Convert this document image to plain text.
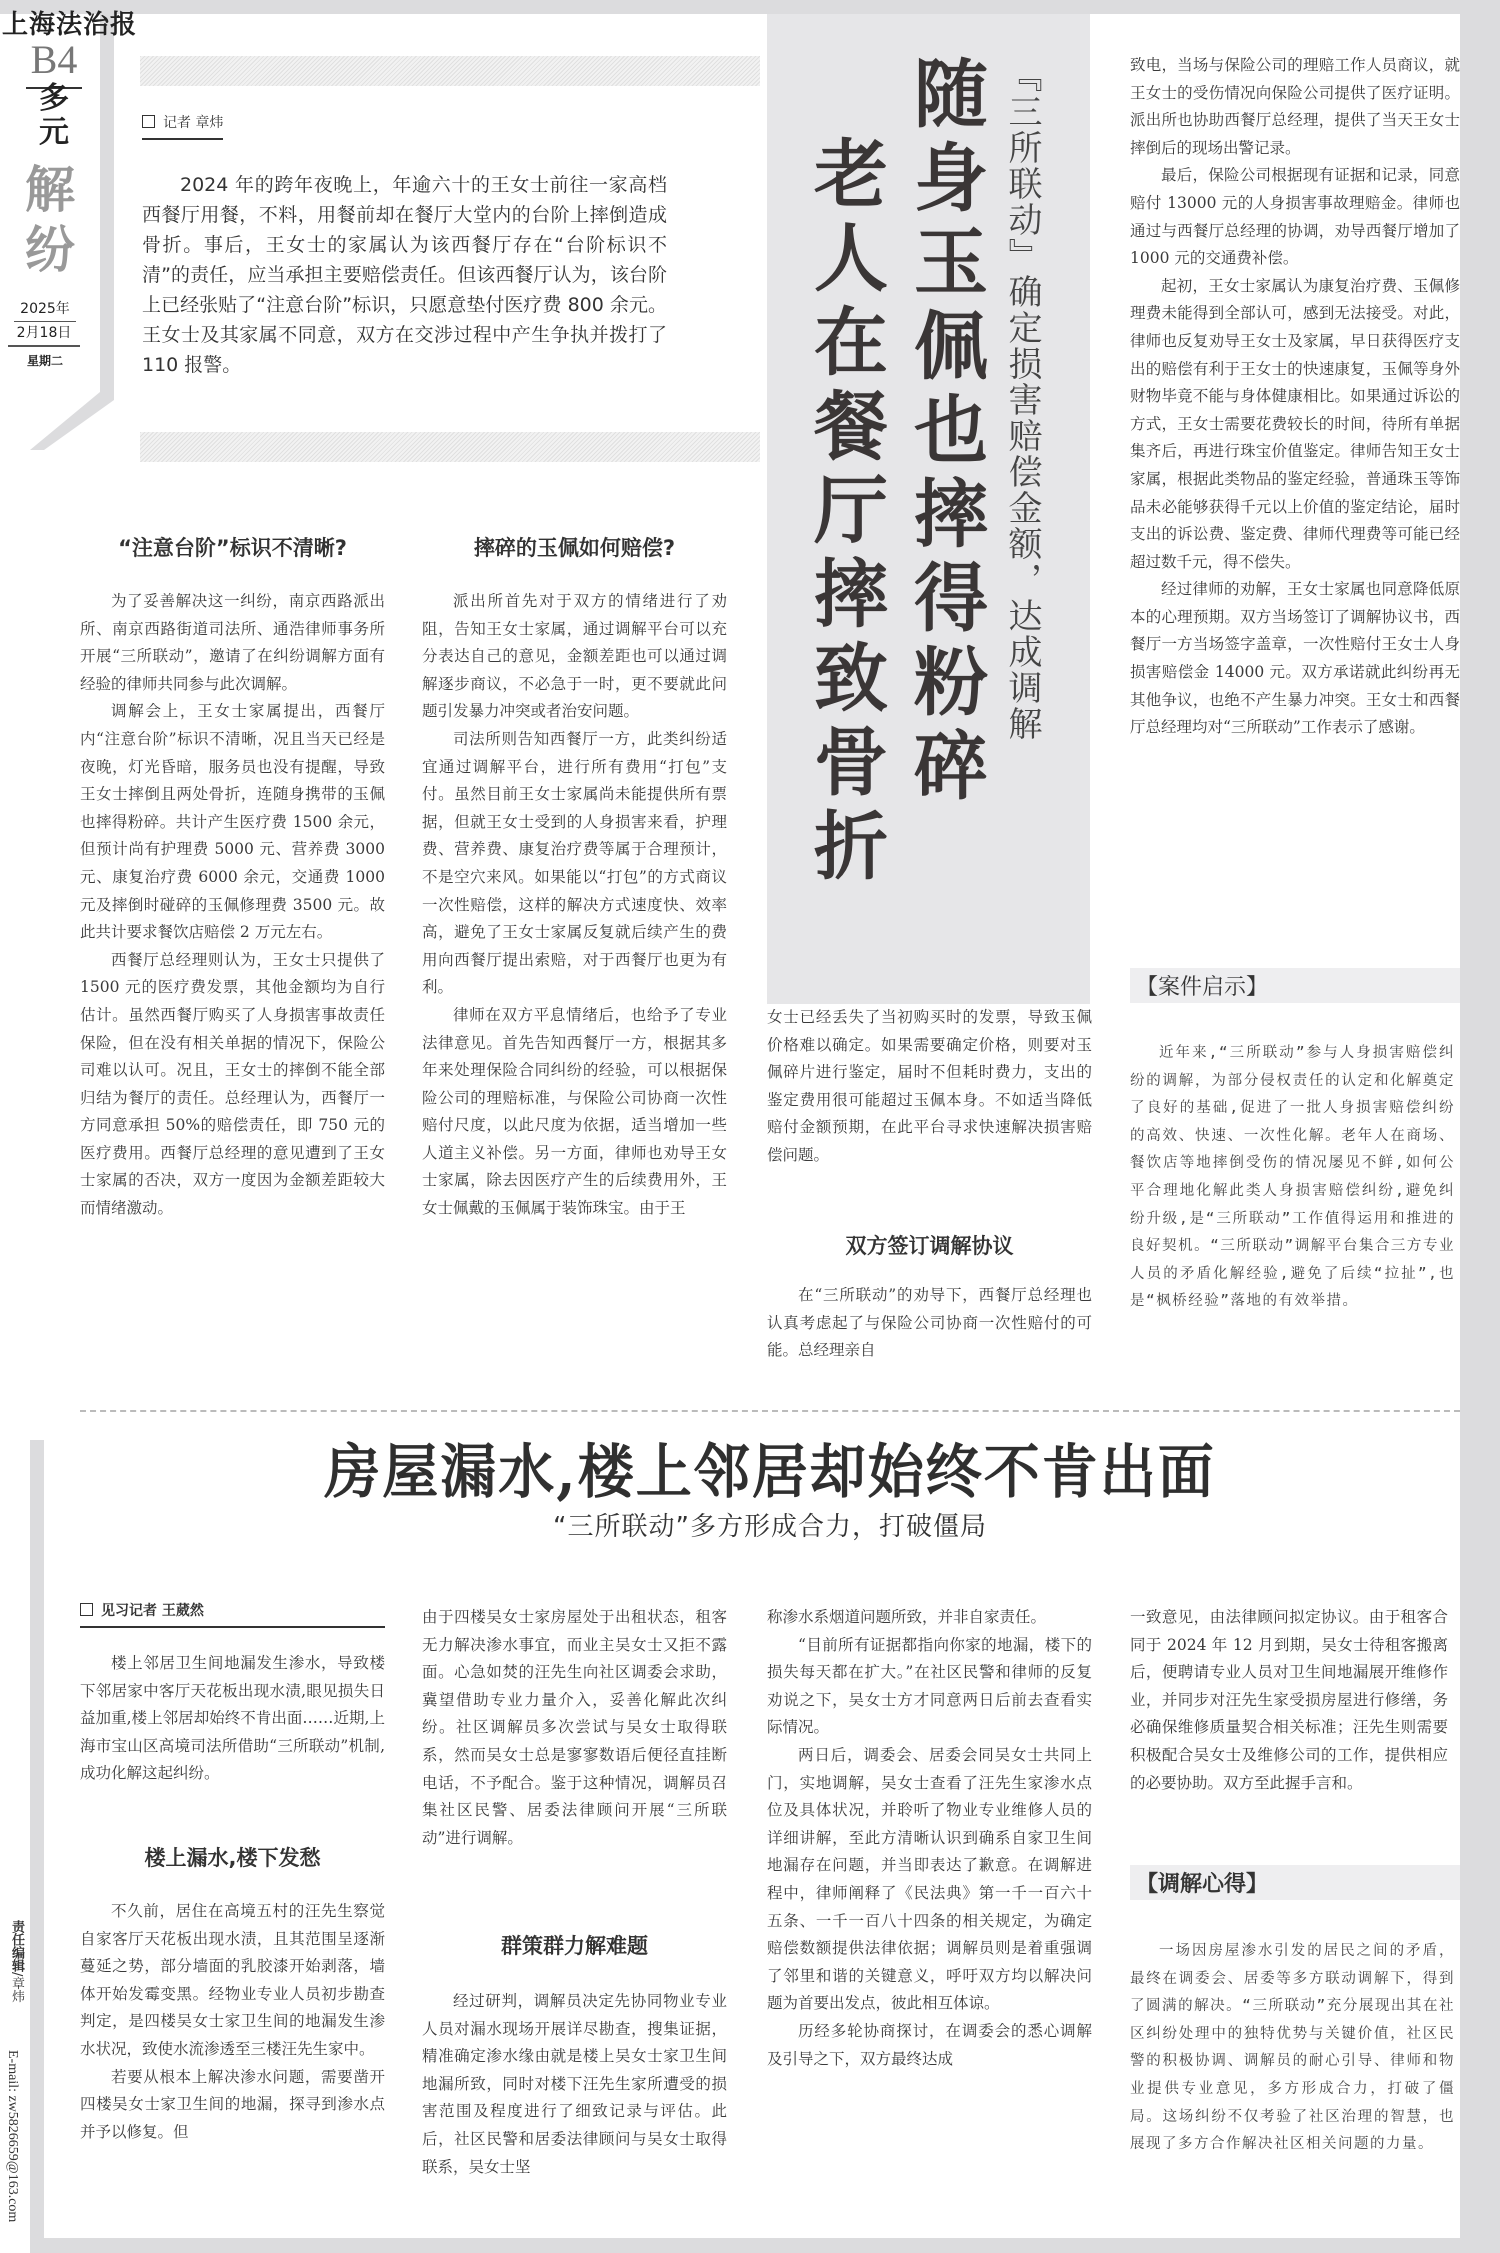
上海法治报
B4
多元
解纷
2025年
2月18日
星期二
记者 章炜
2024 年的跨年夜晚上，年逾六十的王女士前往一家高档西餐厅用餐，不料，用餐前却在餐厅大堂内的台阶上摔倒造成骨折。事后，王女士的家属认为该西餐厅存在“台阶标识不清”的责任，应当承担主要赔偿责任。但该西餐厅认为，该台阶上已经张贴了“注意台阶”标识，只愿意垫付医疗费 800 余元。王女士及其家属不同意，双方在交涉过程中产生争执并拨打了 110 报警。	『三所联动』确定损害赔偿金额，达成调解
随身玉佩也摔得粉碎
老人在餐厅摔致骨折
“注意台阶”标识不清晰?

为了妥善解决这一纠纷，南京西路派出所、南京西路街道司法所、通浩律师事务所开展“三所联动”，邀请了在纠纷调解方面有经验的律师共同参与此次调解。

调解会上，王女士家属提出，西餐厅内“注意台阶”标识不清晰，况且当天已经是夜晚，灯光昏暗，服务员也没有提醒，导致王女士摔倒且两处骨折，连随身携带的玉佩也摔得粉碎。共计产生医疗费 1500 余元，但预计尚有护理费 5000 元、营养费 3000 元、康复治疗费 6000 余元，交通费 1000 元及摔倒时碰碎的玉佩修理费 3500 元。故此共计要求餐饮店赔偿 2 万元左右。

西餐厅总经理则认为，王女士只提供了 1500 元的医疗费发票，其他金额均为自行估计。虽然西餐厅购买了人身损害事故责任保险，但在没有相关单据的情况下，保险公司难以认可。况且，王女士的摔倒不能全部归结为餐厅的责任。总经理认为，西餐厅一方同意承担 50%的赔偿责任，即 750 元的医疗费用。西餐厅总经理的意见遭到了王女士家属的否决，双方一度因为金额差距较大而情绪激动。

摔碎的玉佩如何赔偿?

派出所首先对于双方的情绪进行了劝阻，告知王女士家属，通过调解平台可以充分表达自己的意见，金额差距也可以通过调解逐步商议，不必急于一时，更不要就此问题引发暴力冲突或者治安问题。

司法所则告知西餐厅一方，此类纠纷适宜通过调解平台，进行所有费用“打包”支付。虽然目前王女士家属尚未能提供所有票据，但就王女士受到的人身损害来看，护理费、营养费、康复治疗费等属于合理预计，不是空穴来风。如果能以“打包”的方式商议一次性赔偿，这样的解决方式速度快、效率高，避免了王女士家属反复就后续产生的费用向西餐厅提出索赔，对于西餐厅也更为有利。

律师在双方平息情绪后，也给予了专业法律意见。首先告知西餐厅一方，根据其多年来处理保险合同纠纷的经验，可以根据保险公司的理赔标准，与保险公司协商一次性赔付尺度，以此尺度为依据，适当增加一些人道主义补偿。另一方面，律师也劝导王女士家属，除去因医疗产生的后续费用外，王女士佩戴的玉佩属于装饰珠宝。由于王

女士已经丢失了当初购买时的发票，导致玉佩价格难以确定。如果需要确定价格，则要对玉佩碎片进行鉴定，届时不但耗时费力，支出的鉴定费用很可能超过玉佩本身。不如适当降低赔付金额预期，在此平台寻求快速解决损害赔偿问题。

双方签订调解协议

在“三所联动”的劝导下，西餐厅总经理也认真考虑起了与保险公司协商一次性赔付的可能。总经理亲自

致电，当场与保险公司的理赔工作人员商议，就王女士的受伤情况向保险公司提供了医疗证明。派出所也协助西餐厅总经理，提供了当天王女士摔倒后的现场出警记录。

最后，保险公司根据现有证据和记录，同意赔付 13000 元的人身损害事故理赔金。律师也通过与西餐厅总经理的协调，劝导西餐厅增加了 1000 元的交通费补偿。

起初，王女士家属认为康复治疗费、玉佩修理费未能得到全部认可，感到无法接受。对此，律师也反复劝导王女士及家属，早日获得医疗支出的赔偿有利于王女士的快速康复，玉佩等身外财物毕竟不能与身体健康相比。如果通过诉讼的方式，王女士需要花费较长的时间，待所有单据集齐后，再进行珠宝价值鉴定。律师告知王女士家属，根据此类物品的鉴定经验，普通珠玉等饰品未必能够获得千元以上价值的鉴定结论，届时支出的诉讼费、鉴定费、律师代理费等可能已经超过数千元，得不偿失。

经过律师的劝解，王女士家属也同意降低原本的心理预期。双方当场签订了调解协议书，西餐厅一方当场签字盖章，一次性赔付王女士人身损害赔偿金 14000 元。双方承诺就此纠纷再无其他争议，也绝不产生暴力冲突。王女士和西餐厅总经理均对“三所联动”工作表示了感谢。

【案件启示】

近年来,“三所联动”参与人身损害赔偿纠纷的调解，为部分侵权责任的认定和化解奠定了良好的基础,促进了一批人身损害赔偿纠纷的高效、快速、一次性化解。老年人在商场、餐饮店等地摔倒受伤的情况屡见不鲜,如何公平合理地化解此类人身损害赔偿纠纷,避免纠纷升级,是“三所联动”工作值得运用和推进的良好契机。“三所联动”调解平台集合三方专业人员的矛盾化解经验,避免了后续“拉扯”,也是“枫桥经验”落地的有效举措。

房屋漏水,楼上邻居却始终不肯出面
“三所联动”多方形成合力，打破僵局
见习记者 王葳然

楼上邻居卫生间地漏发生渗水，导致楼下邻居家中客厅天花板出现水渍,眼见损失日益加重,楼上邻居却始终不肯出面……近期,上海市宝山区高境司法所借助“三所联动”机制,成功化解这起纠纷。

楼上漏水,楼下发愁

不久前，居住在高境五村的汪先生察觉自家客厅天花板出现水渍，且其范围呈逐渐蔓延之势，部分墙面的乳胶漆开始剥落，墙体开始发霉变黑。经物业专业人员初步勘查判定，是四楼吴女士家卫生间的地漏发生渗水状况，致使水流渗透至三楼汪先生家中。

若要从根本上解决渗水问题，需要凿开四楼吴女士家卫生间的地漏，探寻到渗水点并予以修复。但

由于四楼吴女士家房屋处于出租状态，租客无力解决渗水事宜，而业主吴女士又拒不露面。心急如焚的汪先生向社区调委会求助，冀望借助专业力量介入，妥善化解此次纠纷。社区调解员多次尝试与吴女士取得联系，然而吴女士总是寥寥数语后便径直挂断电话，不予配合。鉴于这种情况，调解员召集社区民警、居委法律顾问开展“三所联动”进行调解。

群策群力解难题

经过研判，调解员决定先协同物业专业人员对漏水现场开展详尽勘查，搜集证据，精准确定渗水缘由就是楼上吴女士家卫生间地漏所致，同时对楼下汪先生家所遭受的损害范围及程度进行了细致记录与评估。此后，社区民警和居委法律顾问与吴女士取得联系，吴女士坚

称渗水系烟道问题所致，并非自家责任。

“目前所有证据都指向你家的地漏，楼下的损失每天都在扩大。”在社区民警和律师的反复劝说之下，吴女士方才同意两日后前去查看实际情况。

两日后，调委会、居委会同吴女士共同上门，实地调解，吴女士查看了汪先生家渗水点位及具体状况，并聆听了物业专业维修人员的详细讲解，至此方清晰认识到确系自家卫生间地漏存在问题，并当即表达了歉意。在调解进程中，律师阐释了《民法典》第一千一百六十五条、一千一百八十四条的相关规定，为确定赔偿数额提供法律依据；调解员则是着重强调了邻里和谐的关键意义，呼吁双方均以解决问题为首要出发点，彼此相互体谅。

历经多轮协商探讨，在调委会的悉心调解及引导之下，双方最终达成

一致意见，由法律顾问拟定协议。由于租客合同于 2024 年 12 月到期，吴女士待租客搬离后，便聘请专业人员对卫生间地漏展开维修作业，并同步对汪先生家受损房屋进行修缮，务必确保维修质量契合相关标准；汪先生则需要积极配合吴女士及维修公司的工作，提供相应的必要协助。双方至此握手言和。

【调解心得】

一场因房屋渗水引发的居民之间的矛盾，最终在调委会、居委等多方联动调解下，得到了圆满的解决。“三所联动”充分展现出其在社区纠纷处理中的独特优势与关键价值，社区民警的积极协调、调解员的耐心引导、律师和物业提供专业意见，多方形成合力，打破了僵局。这场纠纷不仅考验了社区治理的智慧，也展现了多方合作解决社区相关问题的力量。

责任编辑/章炜
E-mail: zw5826659@163.com
